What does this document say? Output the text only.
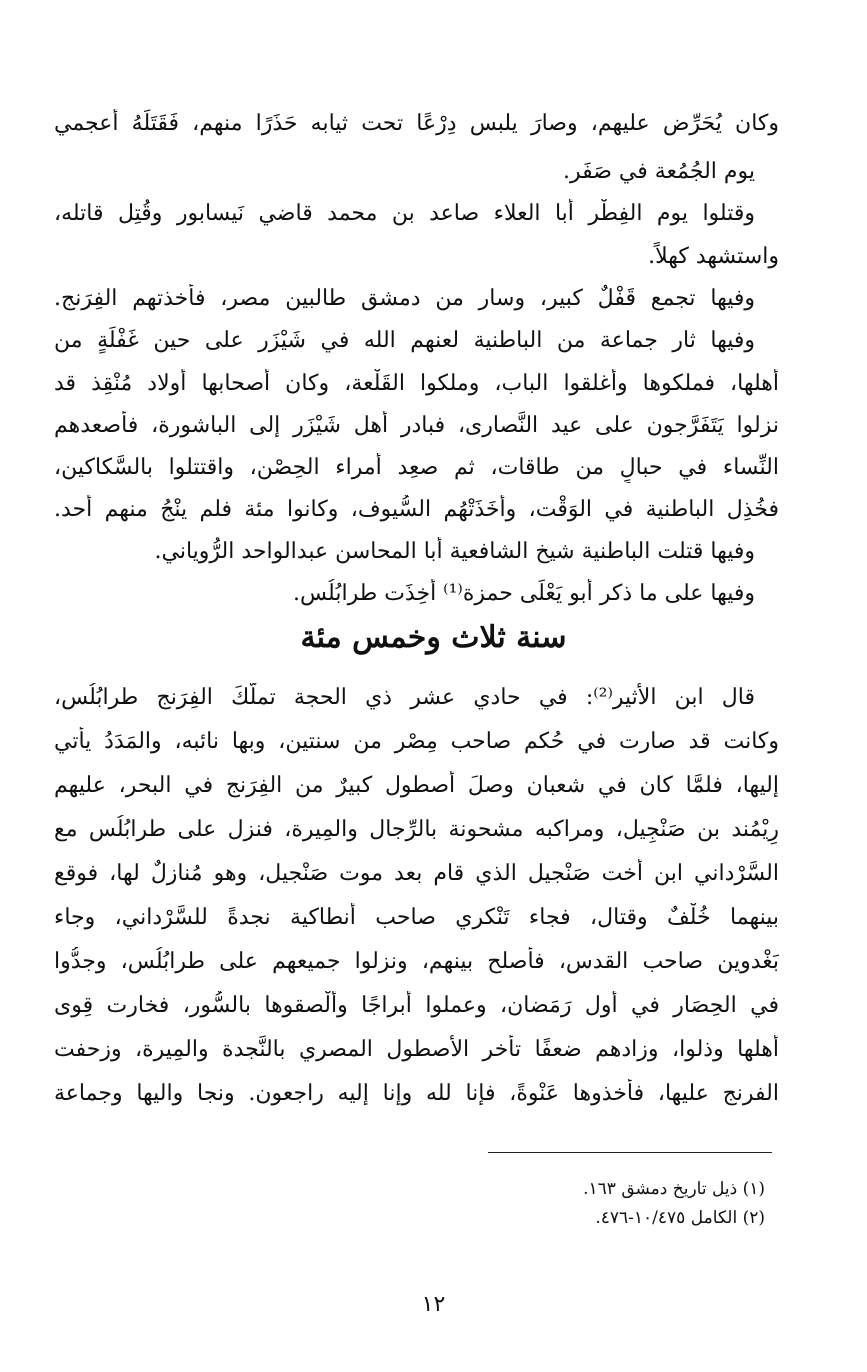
وكان يُحَرِّض عليهم، وصارَ يلبس دِرْعًا تحت ثيابه حَذَرًا منهم، فَقَتَلَهُ أعجمي
يوم الجُمُعة في صَفَر.
وقتلوا يوم الفِطْر أبا العلاء صاعد بن محمد قاضي نَيسابور وقُتِل قاتله،
واستشهد كهلاً.
وفيها تجمع قَفْلٌ كبير، وسار من دمشق طالبين مصر، فأخذتهم الفِرَنج.
وفيها ثار جماعة من الباطنية لعنهم الله في شَيْزَر على حين غَفْلَةٍ من
أهلها، فملكوها وأغلقوا الباب، وملكوا القَلْعة، وكان أصحابها أولاد مُنْقِذ قد
نزلوا يَتَفَرَّجون على عيد النَّصارى، فبادر أهل شَيْزَر إلى الباشورة، فأصعدهم
النِّساء في حبالٍ من طاقات، ثم صعِد أمراء الحِصْن، واقتتلوا بالسَّكاكين،
فخُذِل الباطنية في الوَقْت، وأخَذَتْهُم السُّيوف، وكانوا مئة فلم ينْجُ منهم أحد.
وفيها قتلت الباطنية شيخ الشافعية أبا المحاسن عبدالواحد الرُّوياني.
وفيها على ما ذكر أبو يَعْلَى حمزة⁽¹⁾ أُخِذَت طرابُلُس.
سنة ثلاث وخمس مئة
قال ابن الأثير⁽²⁾: في حادي عشر ذي الحجة تملَّكَ الفِرَنج طرابُلُس،
وكانت قد صارت في حُكم صاحب مِصْر من سنتين، وبها نائبه، والمَدَدُ يأتي
إليها، فلمَّا كان في شعبان وصلَ أُصطول كبيرٌ من الفِرَنج في البحر، عليهم
رِيْمُند بن صَنْجِيل، ومراكبه مشحونة بالرِّجال والمِيرة، فنزل على طرابُلُس مع
السَّرْداني ابن أُخت صَنْجيل الذي قام بعد موت صَنْجيل، وهو مُنازلٌ لها، فوقع
بينهما خُلْفٌ وقتال، فجاء تَنْكري صاحب أنطاكية نجدةً للسَّرْداني، وجاء
بَغْدوين صاحب القدس، فأصلح بينهم، ونزلوا جميعهم على طرابُلُس، وجدُّوا
في الحِصَار في أول رَمَضان، وعملوا أبراجًا وألْصقوها بالسُّور، فخارت قِوى
أهلها وذلوا، وزادهم ضعفًا تأخر الأصطول المصري بالنَّجدة والمِيرة، وزحفت
الفرنج عليها، فأخذوها عَنْوةً، فإنا لله وإنا إليه راجعون. ونجا واليها وجماعة
(١) ذيل تاريخ دمشق ١٦٣.
(٢) الكامل ١٠/٤٧٥-٤٧٦.
١٢
